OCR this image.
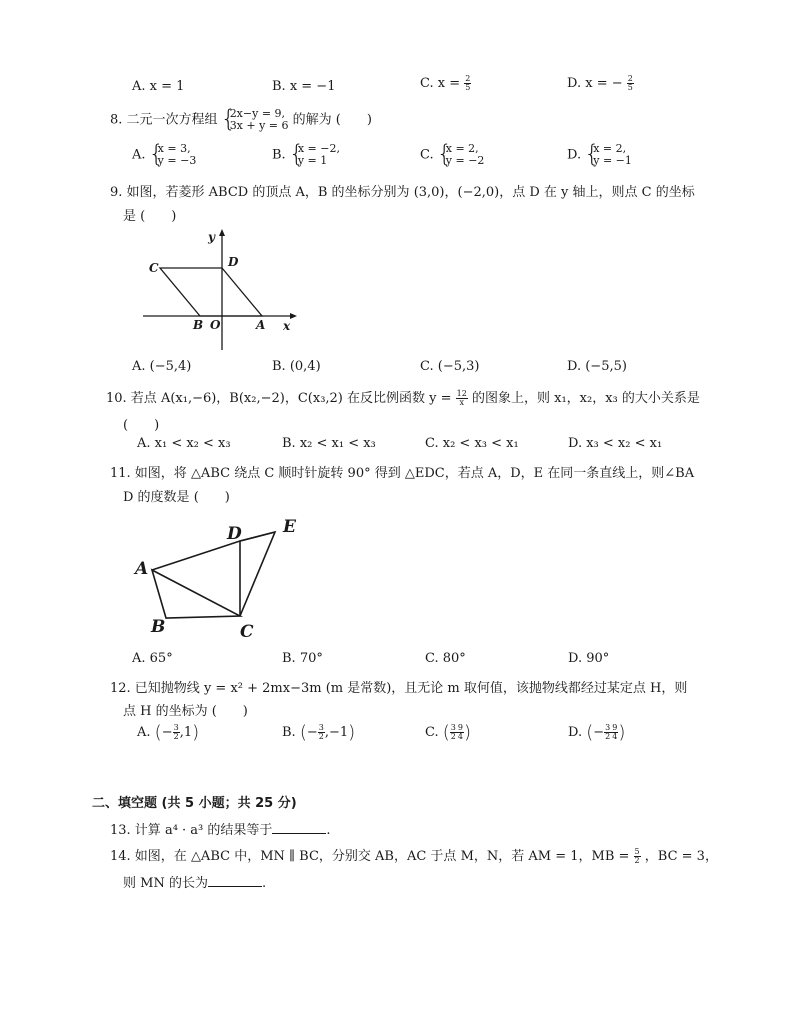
A. x = 1	B. x = −1	C. $x = \frac{2}{5}$	D. x = − $\frac{2}{5}$
8. 二元一次方程组 { 2x−y = 9,
3x + y = 6 的解为 (　　)
A. { x = 3,
y = −3	B. { x = −2,
y = 1	C. { x = 2,
y = −2	D. { x = 2,
y = −1
9. 如图，若菱形 ABCD 的顶点 A，B 的坐标分别为 (3,0)，(−2,0)，点 D 在 y 轴上，则点 C 的坐标
是 (　　)
y
x
C	D
B O	A
A. (−5,4)	B. (0,4)	C. (−5,3)	D. (−5,5)
10. 若点 A(x₁,−6)，B(x₂,−2)，C(x₃,2) 在反比例函数 $y = \frac{12}{x}$ 的图象上，则 x₁，x₂，x₃ 的大小关系是
(　　)
A. x₁ < x₂ < x₃	B. x₂ < x₁ < x₃	C. x₂ < x₃ < x₁	D. x₃ < x₂ < x₁
11. 如图，将 △ABC 绕点 C 顺时针旋转 90° 得到 △EDC，若点 A，D，E 在同一条直线上，则∠BA
D 的度数是 (　　)
A
B	C
D E
A. 65°	B. 70°	C. 80°	D. 90°
12. 已知抛物线 y = x² + 2mx−3m (m 是常数)，且无论 m 取何值，该抛物线都经过某定点 H，则
点 H 的坐标为 (　　)
A. (− $\frac{3}{2} ,1$)	B. (− $\frac{3}{2} ,-1$)	C. ( $\frac{3}{2} \frac{9}{4}$ )	D. (− $\frac{3}{2} \frac{9}{4}$ )
二、填空题 (共 5 小题；共 25 分)
13. 计算 a⁴ · a³ 的结果等于	.
14. 如图，在 △ABC 中，MN ∥ BC，分别交 AB，AC 于点 M，N，若 AM = 1，MB = $\frac{5}{2}$ ，BC = 3，
则 MN 的长为	.
